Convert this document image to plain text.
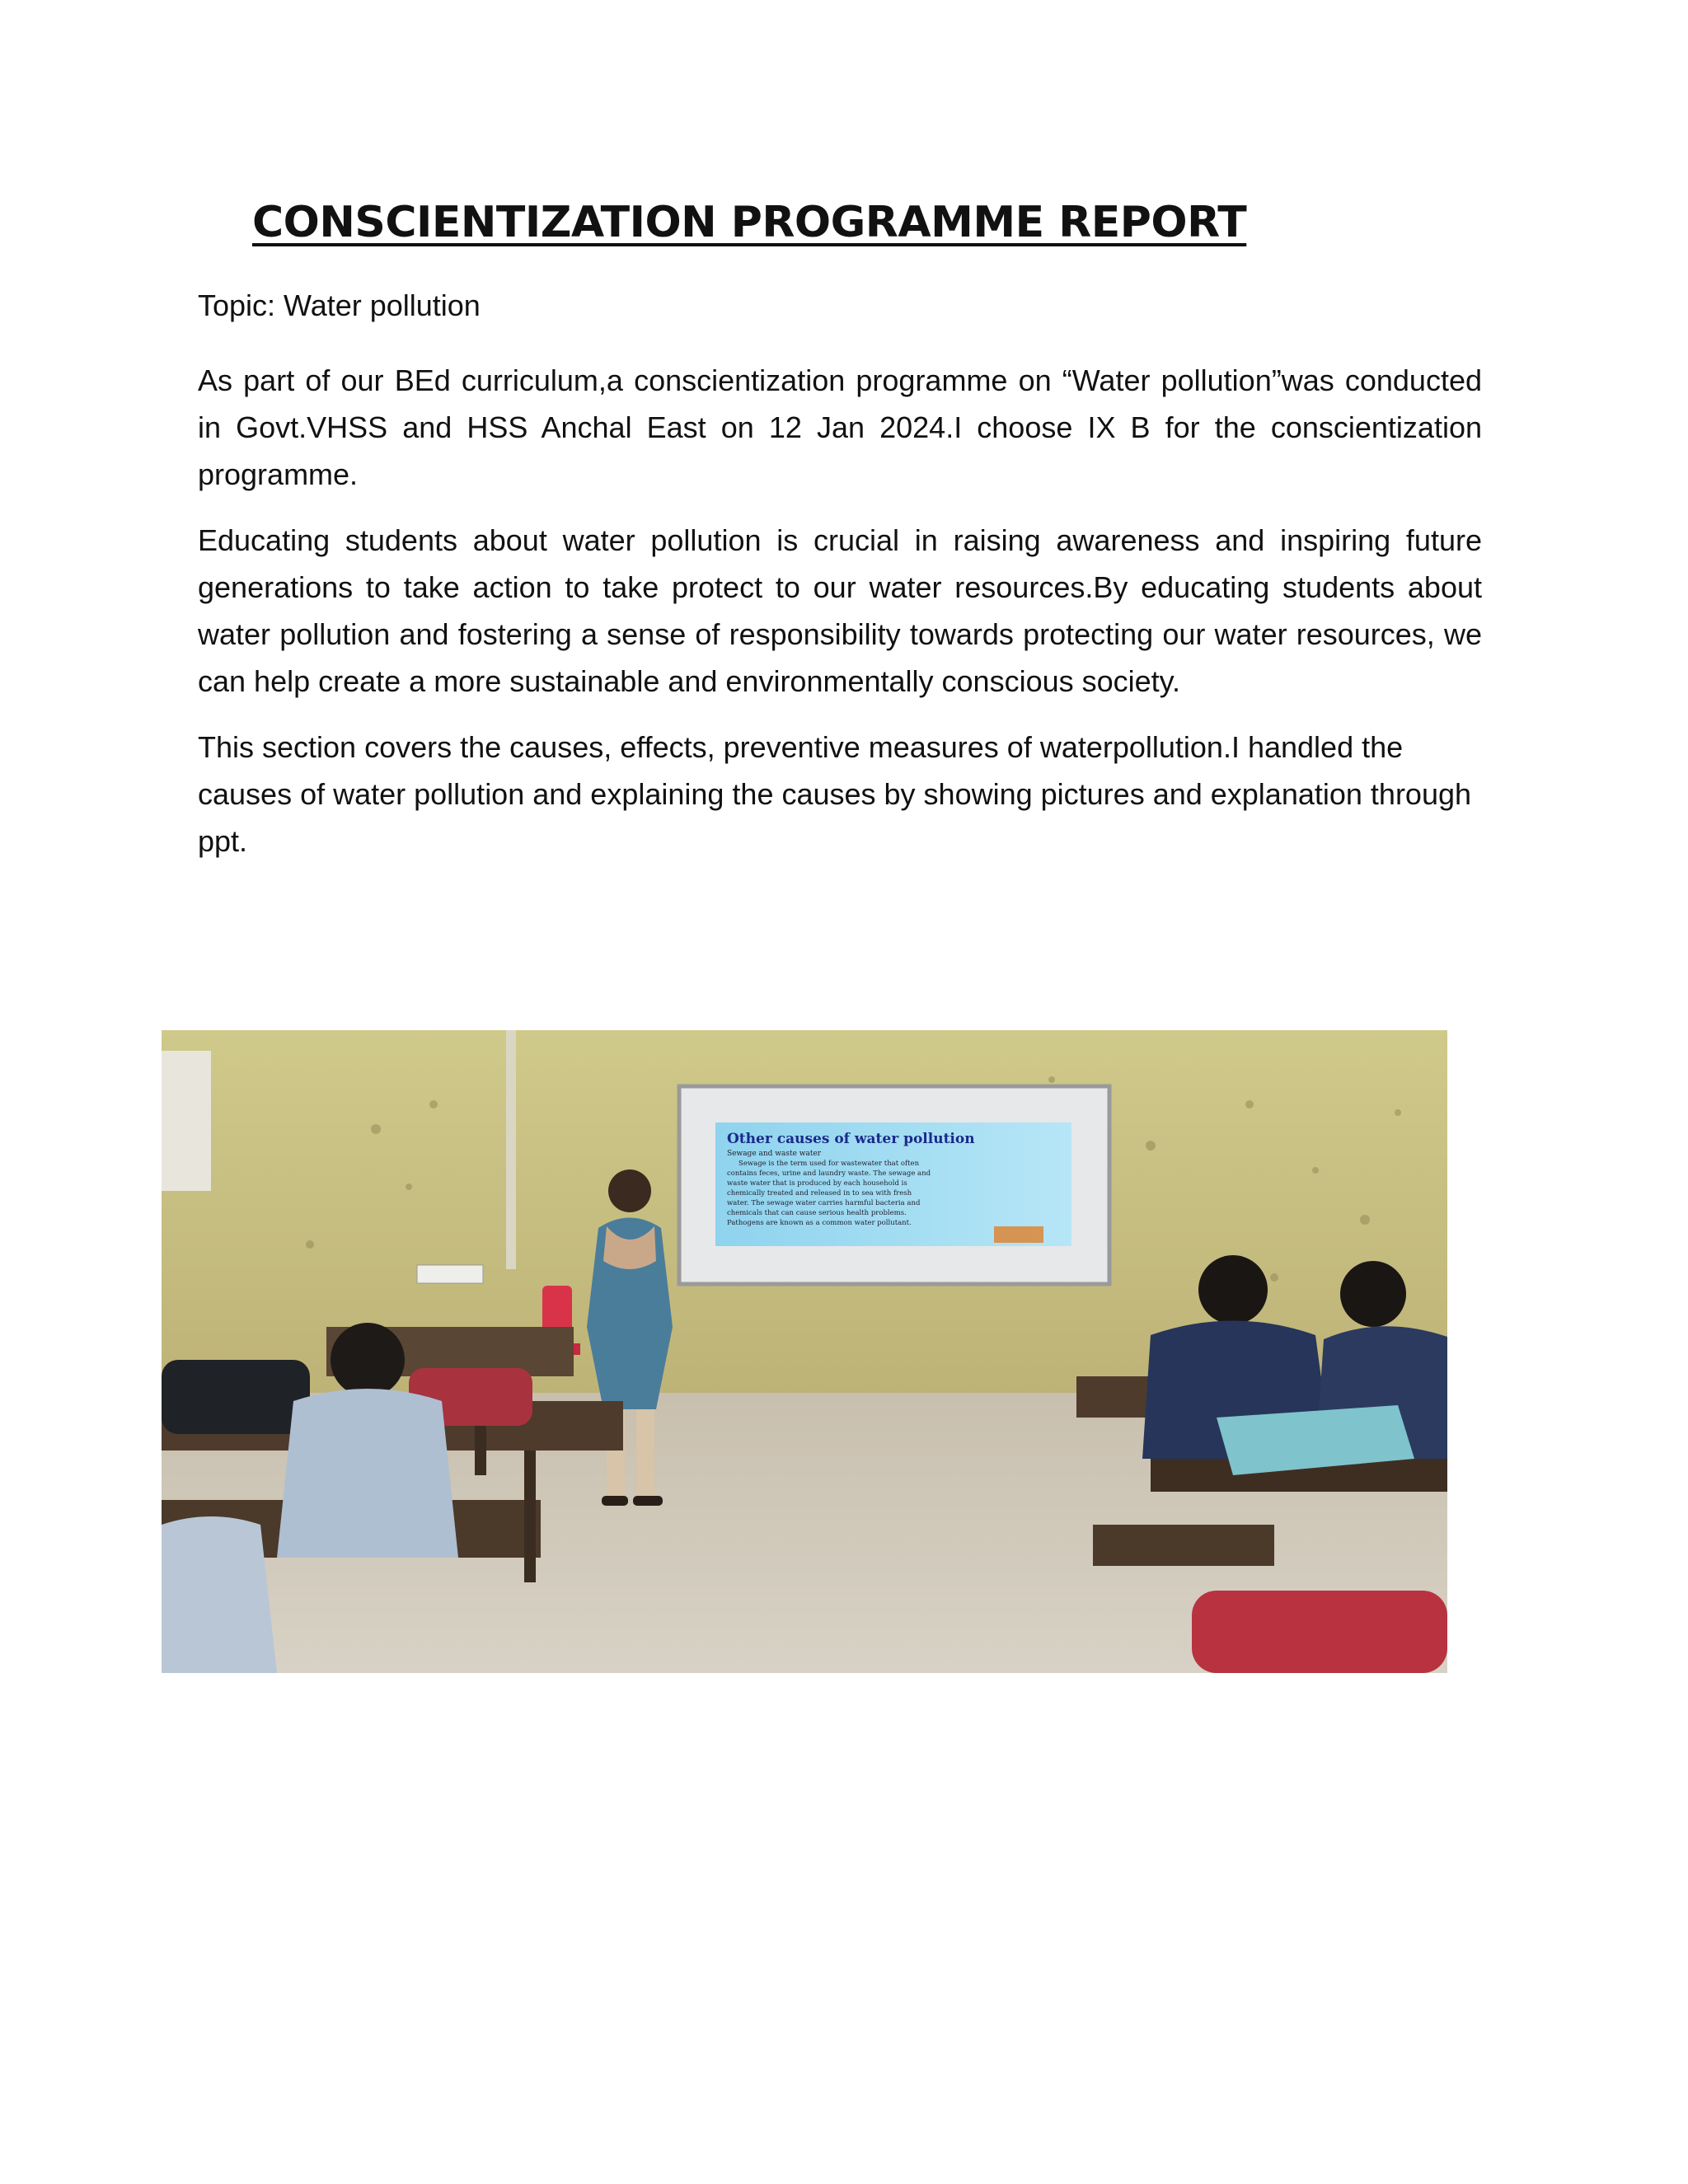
CONSCIENTIZATION PROGRAMME REPORT

Topic: Water pollution

As part of our BEd curriculum,a conscientization programme on “Water pollution”was conducted in Govt.VHSS and HSS Anchal East on 12 Jan 2024.I choose IX B for the conscientization programme.

Educating students about water pollution is crucial in raising awareness and inspiring future generations to take action to take protect to our water resources.By educating students about water pollution and fostering a sense of responsibility towards protecting our water resources, we can help create a more sustainable and environmentally conscious society.

This section covers the causes, effects, preventive measures of waterpollution.I handled the causes of water pollution and explaining the causes by showing pictures and explanation through ppt.

Other causes of water pollution
Sewage and waste water
Sewage is the term used for wastewater that often
contains feces, urine and laundry waste. The sewage and
waste water that is produced by each household is
chemically treated and released in to sea with fresh
water. The sewage water carries harmful bacteria and
chemicals that can cause serious health problems.
Pathogens are known as a common water pollutant.
